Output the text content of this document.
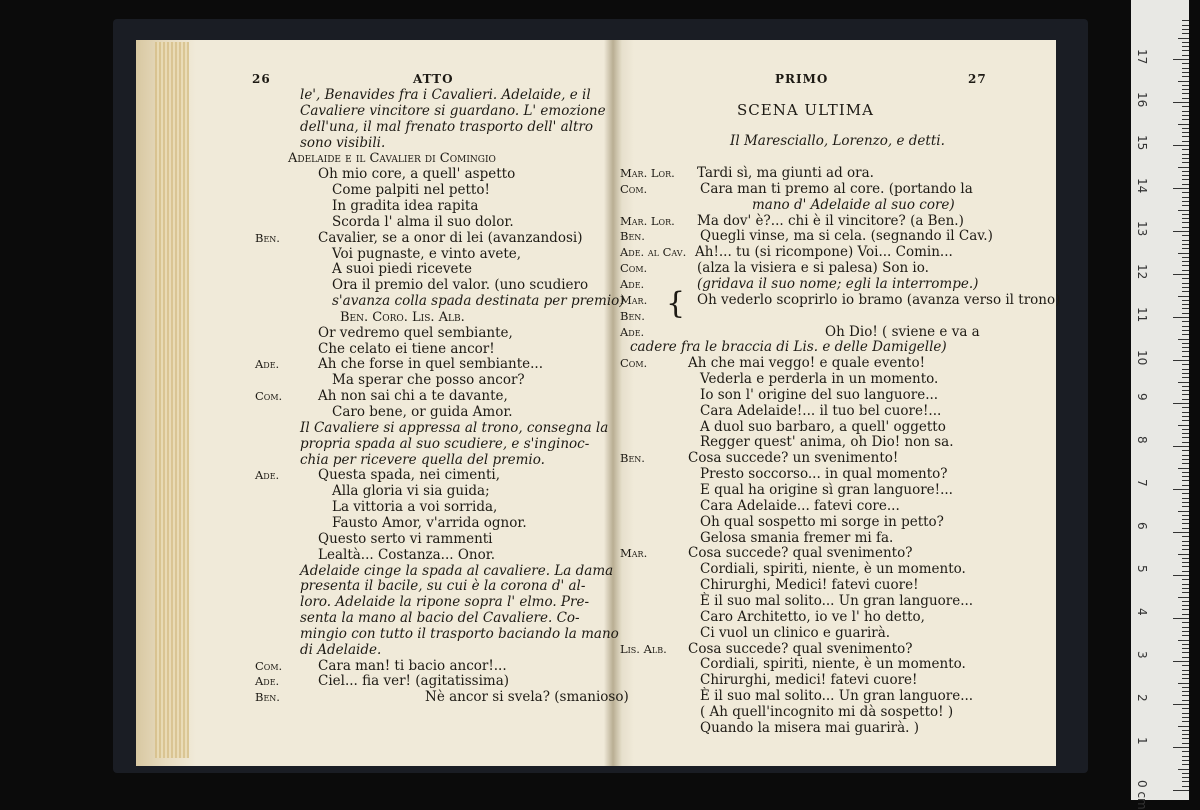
26	ATTO
le', Benavides fra i Cavalieri. Adelaide, e il
Cavaliere vincitore si guardano. L' emozione
dell'una, il mal frenato trasporto dell' altro
sono visibili.
Adelaide e il Cavalier di Comingio
Oh mio core, a quell' aspetto
Come palpiti nel petto!
In gradita idea rapita
Scorda l' alma il suo dolor.
Ben.	Cavalier, se a onor di lei (avanzandosi)
Voi pugnaste, e vinto avete,
A suoi piedi ricevete
Ora il premio del valor. (uno scudiero
s'avanza colla spada destinata per premio)
Ben. Coro. Lis. Alb.
Or vedremo quel sembiante,
Che celato ei tiene ancor!
Ade.	Ah che forse in quel sembiante...
Ma sperar che posso ancor?
Com.	Ah non sai chi a te davante,
Caro bene, or guida Amor.
Il Cavaliere si appressa al trono, consegna la
propria spada al suo scudiere, e s'inginoc-
chia per ricevere quella del premio.
Ade.	Questa spada, nei cimenti,
Alla gloria vi sia guida;
La vittoria a voi sorrida,
Fausto Amor, v'arrida ognor.
Questo serto vi rammenti
Lealtà... Costanza... Onor.
Adelaide cinge la spada al cavaliere. La dama
presenta il bacile, su cui è la corona d' al-
loro. Adelaide la ripone sopra l' elmo. Pre-
senta la mano al bacio del Cavaliere. Co-
mingio con tutto il trasporto baciando la mano
di Adelaide.
Com.	Cara man! ti bacio ancor!...
Ade.	Ciel... fia ver! (agitatissima)
Ben.	Nè ancor si svela? (smanioso)
PRIMO	27
SCENA ULTIMA
Il Maresciallo, Lorenzo, e detti.
Mar. Lor. Tardi sì, ma giunti ad ora.
Com.	Cara man ti premo al core. (portando la
mano d' Adelaide al suo core)
Mar. Lor. Ma dov' è?... chi è il vincitore? (a Ben.)
Ben.	Quegli vinse, ma si cela. (segnando il Cav.)
Ade. al Cav. Ah!... tu (si ricompone) Voi... Comin...
Com.	(alza la visiera e si palesa) Son io.
Ade.	(gridava il suo nome; egli la interrompe.)
Mar.	Oh vederlo scoprirlo io bramo (avanza verso il trono)
Ben.
Ade.	Oh Dio! ( sviene e va a
cadere fra le braccia di Lis. e delle Damigelle)
Com.	Ah che mai veggo! e quale evento!
Vederla e perderla in un momento.
Io son l' origine del suo languore...
Cara Adelaide!... il tuo bel cuore!...
A duol suo barbaro, a quell' oggetto
Regger quest' anima, oh Dio! non sa.
Ben.	Cosa succede? un svenimento!
Presto soccorso... in qual momento?
E qual ha origine sì gran languore!...
Cara Adelaide... fatevi core...
Oh qual sospetto mi sorge in petto?
Gelosa smania fremer mi fa.
Mar.	Cosa succede? qual svenimento?
Cordiali, spiriti, niente, è un momento.
Chirurghi, Medici! fatevi cuore!
È il suo mal solito... Un gran languore...
Caro Architetto, io ve l' ho detto,
Ci vuol un clinico e guarirà.
Lis. Alb. Cosa succede? qual svenimento?
Cordiali, spiriti, niente, è un momento.
Chirurghi, medici! fatevi cuore!
È il suo mal solito... Un gran languore...
( Ah quell'incognito mi dà sospetto! )
Quando la misera mai guarirà. )
{
0 cm
1
2
3
4
5
6
7
8
9
10
11
12
13
14
15
16
17
